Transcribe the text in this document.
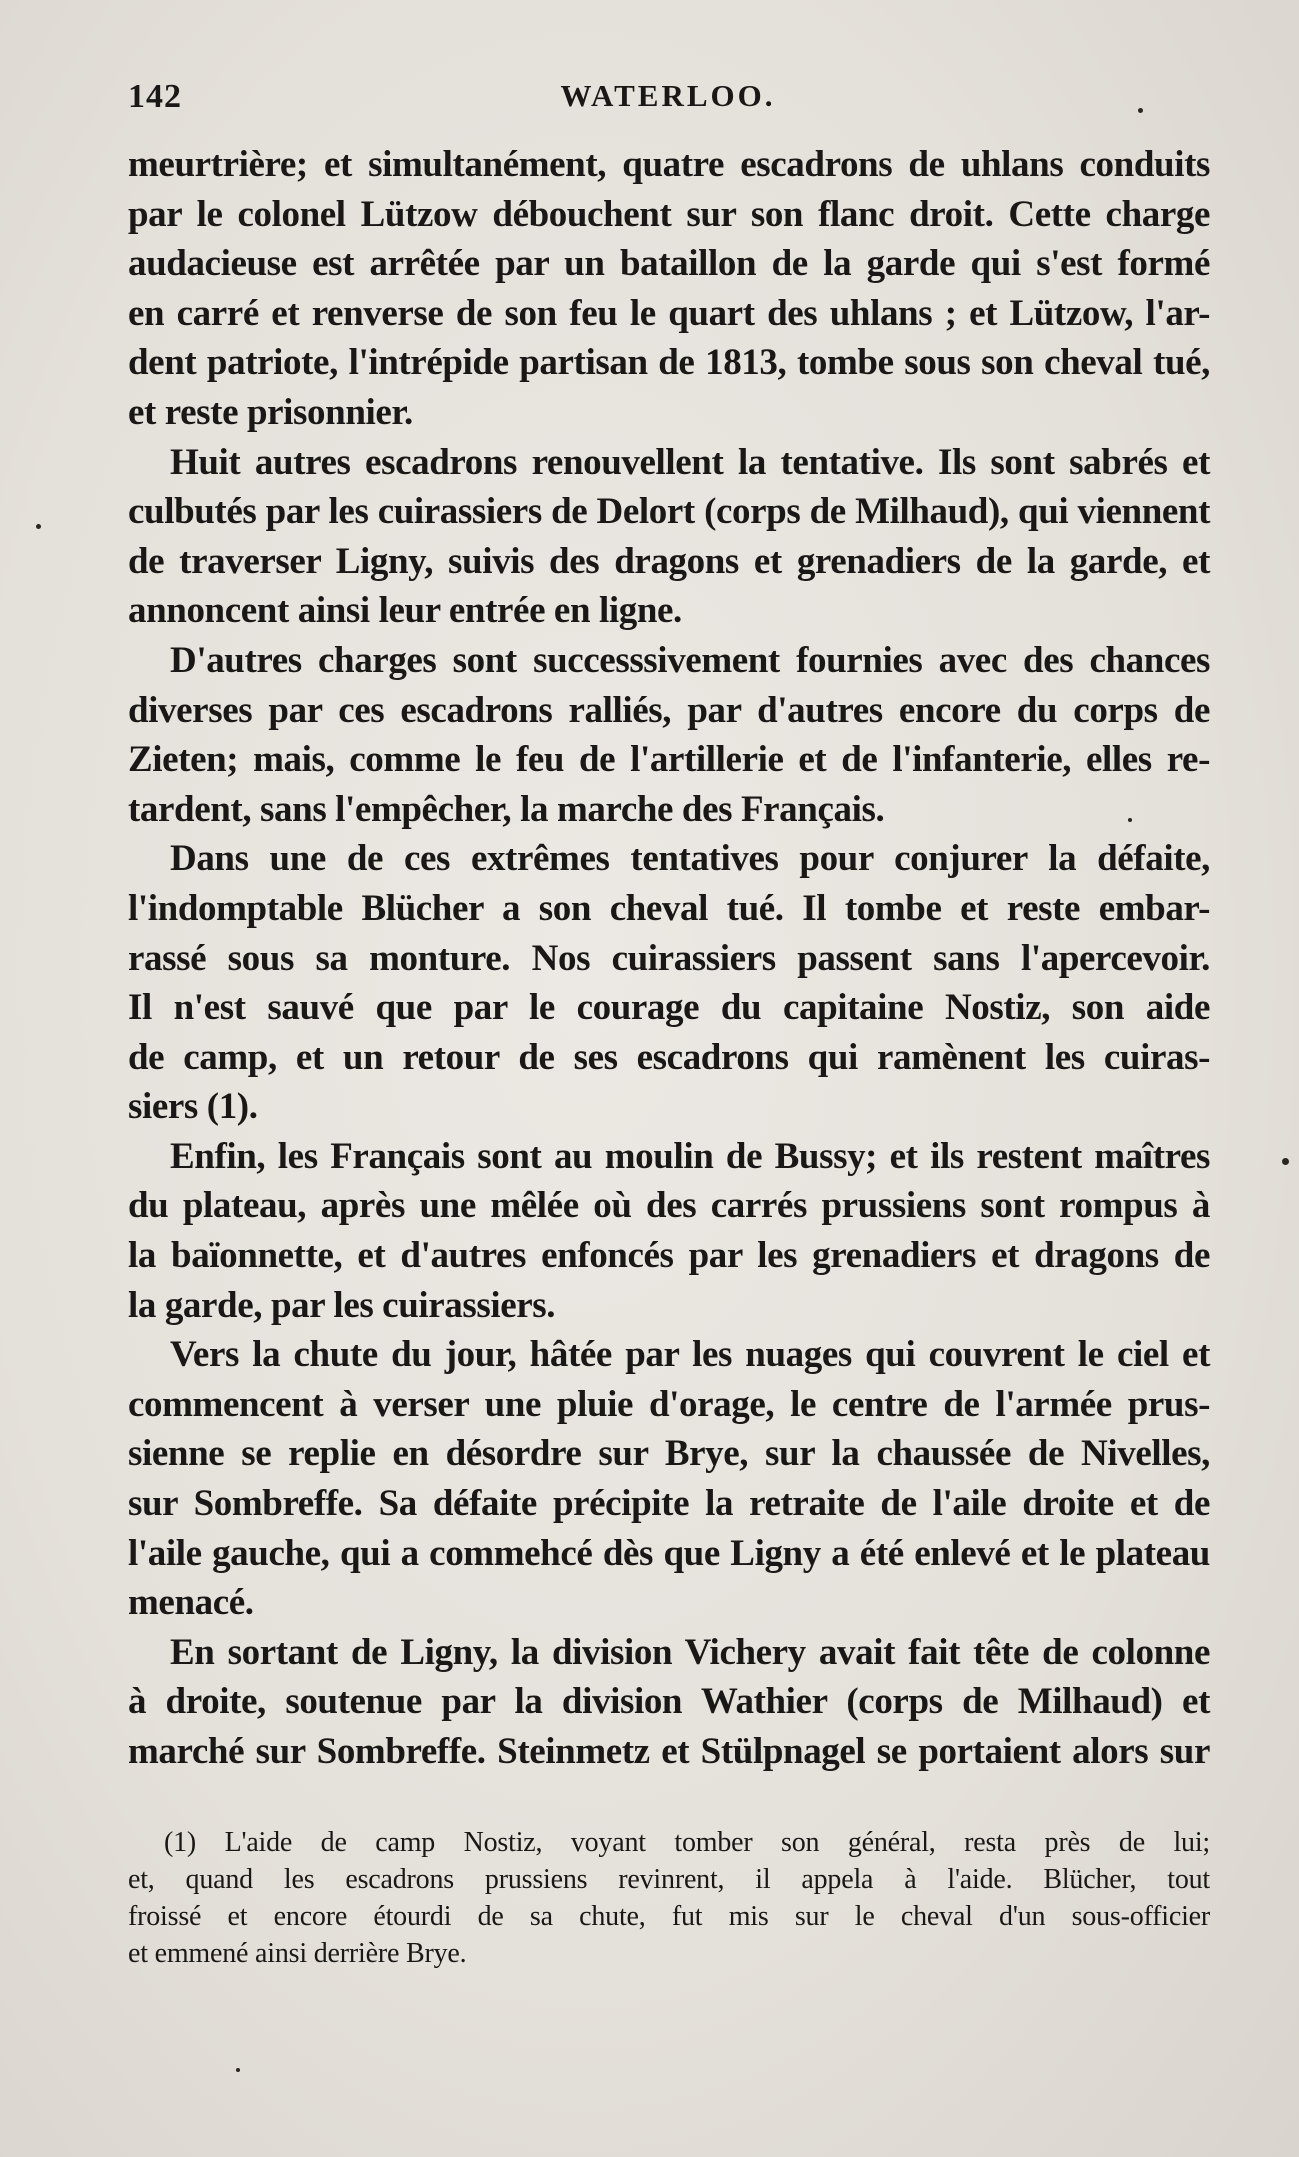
142	WATERLOO.
meurtrière; et simultanément, quatre escadrons de uhlans conduits
par le colonel Lützow débouchent sur son flanc droit. Cette charge
audacieuse est arrêtée par un bataillon de la garde qui s'est formé
en carré et renverse de son feu le quart des uhlans ; et Lützow, l'ar-
dent patriote, l'intrépide partisan de 1813, tombe sous son cheval tué,
et reste prisonnier.
Huit autres escadrons renouvellent la tentative. Ils sont sabrés et
culbutés par les cuirassiers de Delort (corps de Milhaud), qui viennent
de traverser Ligny, suivis des dragons et grenadiers de la garde, et
annoncent ainsi leur entrée en ligne.
D'autres charges sont successsivement fournies avec des chances
diverses par ces escadrons ralliés, par d'autres encore du corps de
Zieten; mais, comme le feu de l'artillerie et de l'infanterie, elles re-
tardent, sans l'empêcher, la marche des Français.
Dans une de ces extrêmes tentatives pour conjurer la défaite,
l'indomptable Blücher a son cheval tué. Il tombe et reste embar-
rassé sous sa monture. Nos cuirassiers passent sans l'apercevoir.
Il n'est sauvé que par le courage du capitaine Nostiz, son aide
de camp, et un retour de ses escadrons qui ramènent les cuiras-
siers (1).
Enfin, les Français sont au moulin de Bussy; et ils restent maîtres
du plateau, après une mêlée où des carrés prussiens sont rompus à
la baïonnette, et d'autres enfoncés par les grenadiers et dragons de
la garde, par les cuirassiers.
Vers la chute du jour, hâtée par les nuages qui couvrent le ciel et
commencent à verser une pluie d'orage, le centre de l'armée prus-
sienne se replie en désordre sur Brye, sur la chaussée de Nivelles,
sur Sombreffe. Sa défaite précipite la retraite de l'aile droite et de
l'aile gauche, qui a commehcé dès que Ligny a été enlevé et le plateau
menacé.
En sortant de Ligny, la division Vichery avait fait tête de colonne
à droite, soutenue par la division Wathier (corps de Milhaud) et
marché sur Sombreffe. Steinmetz et Stülpnagel se portaient alors sur
(1) L'aide de camp Nostiz, voyant tomber son général, resta près de lui;
et, quand les escadrons prussiens revinrent, il appela à l'aide. Blücher, tout
froissé et encore étourdi de sa chute, fut mis sur le cheval d'un sous-officier
et emmené ainsi derrière Brye.
